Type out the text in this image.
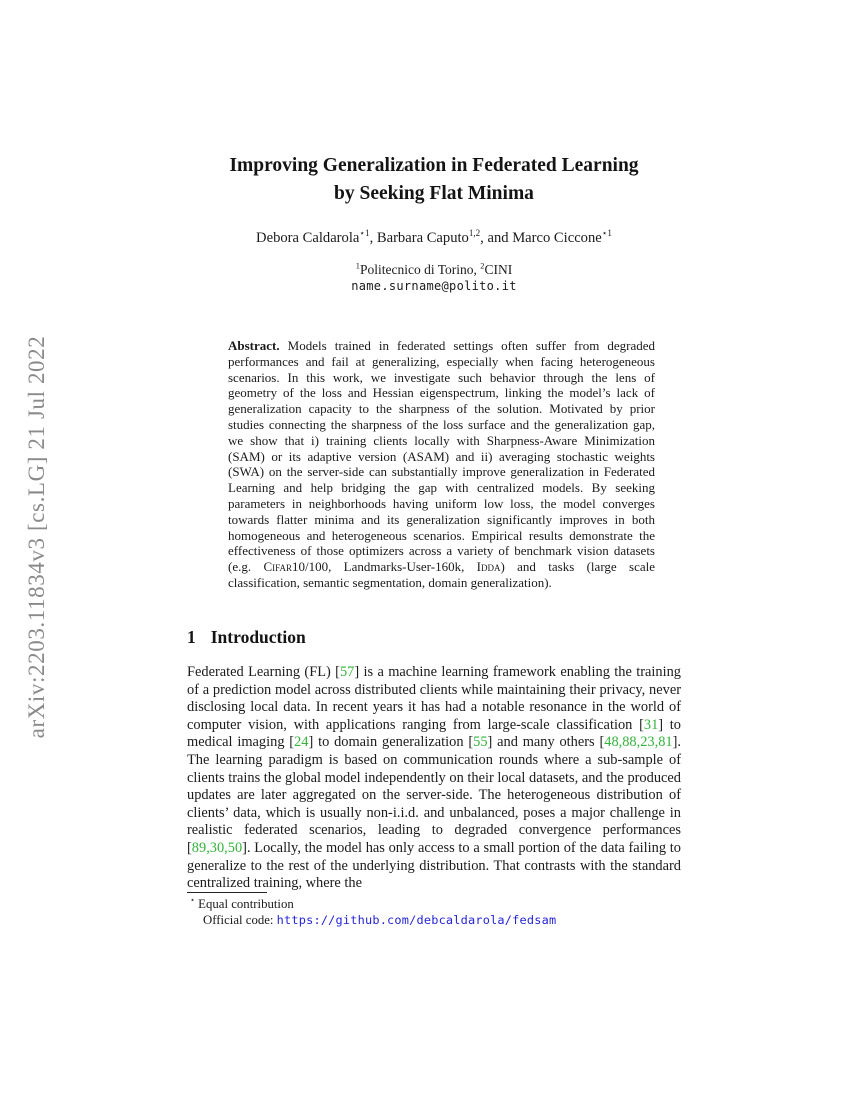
arXiv:2203.11834v3 [cs.LG] 21 Jul 2022
Improving Generalization in Federated Learning
by Seeking Flat Minima
Debora Caldarola$^{⋆1}$, Barbara Caputo$^{1,2}$, and Marco Ciccone$^{⋆1}$
$^1$Politecnico di Torino, $^2$CINI
name.surname@polito.it
Abstract. Models trained in federated settings often suffer from degraded performances and fail at generalizing, especially when facing heterogeneous scenarios. In this work, we investigate such behavior through the lens of geometry of the loss and Hessian eigenspectrum, linking the model’s lack of generalization capacity to the sharpness of the solution. Motivated by prior studies connecting the sharpness of the loss surface and the generalization gap, we show that i) training clients locally with Sharpness-Aware Minimization (SAM) or its adaptive version (ASAM) and ii) averaging stochastic weights (SWA) on the server-side can substantially improve generalization in Federated Learning and help bridging the gap with centralized models. By seeking parameters in neighborhoods having uniform low loss, the model converges towards flatter minima and its generalization significantly improves in both homogeneous and heterogeneous scenarios. Empirical results demonstrate the effectiveness of those optimizers across a variety of benchmark vision datasets (e.g. Cifar10/100, Landmarks-User-160k, Idda) and tasks (large scale classification, semantic segmentation, domain generalization).
1 Introduction
Federated Learning (FL) [57] is a machine learning framework enabling the training of a prediction model across distributed clients while maintaining their privacy, never disclosing local data. In recent years it has had a notable resonance in the world of computer vision, with applications ranging from large-scale classification [31] to medical imaging [24] to domain generalization [55] and many others [48,88,23,81]. The learning paradigm is based on communication rounds where a sub-sample of clients trains the global model independently on their local datasets, and the produced updates are later aggregated on the server-side. The heterogeneous distribution of clients’ data, which is usually non-i.i.d. and unbalanced, poses a major challenge in realistic federated scenarios, leading to degraded convergence performances [89,30,50]. Locally, the model has only access to a small portion of the data failing to generalize to the rest of the underlying distribution. That contrasts with the standard centralized training, where the
⋆ Equal contribution
Official code: https://github.com/debcaldarola/fedsam
